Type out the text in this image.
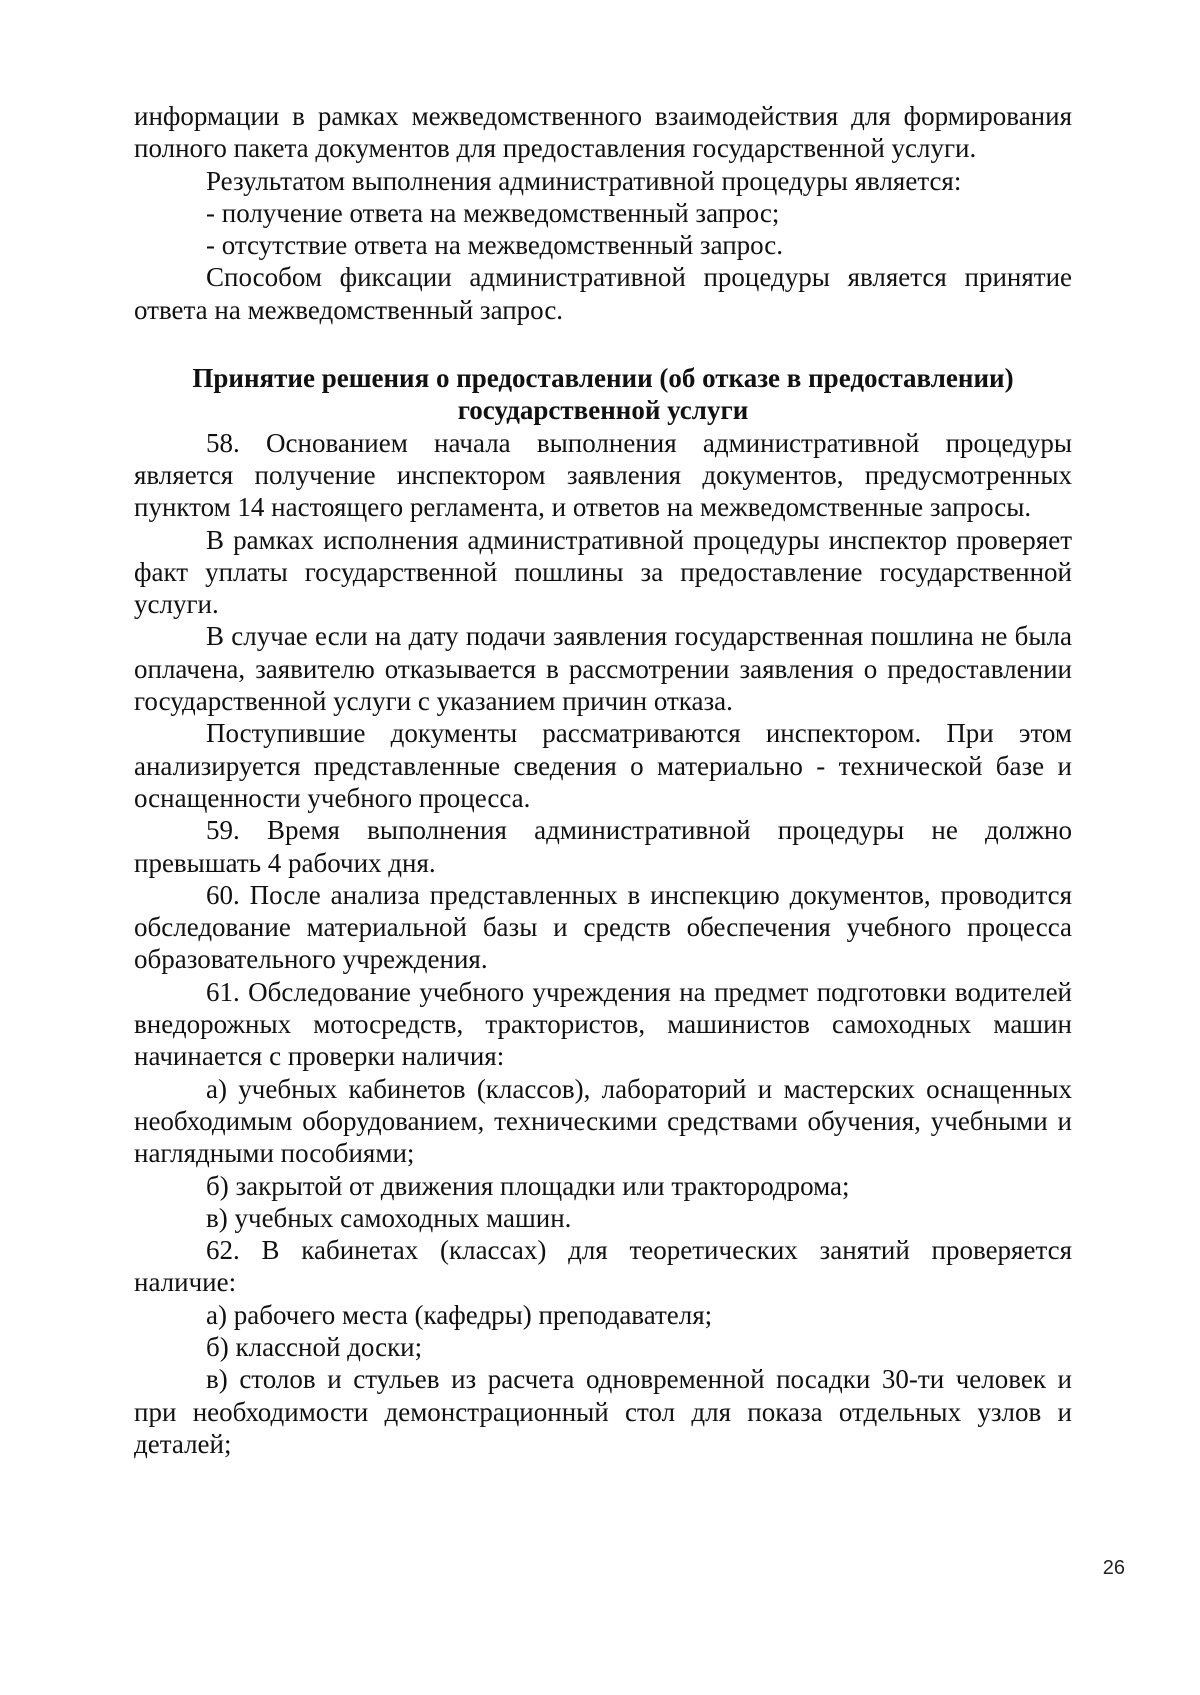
информации в рамках межведомственного взаимодействия для формирования полного пакета документов для предоставления государственной услуги.

Результатом выполнения административной процедуры является:

- получение ответа на межведомственный запрос;

- отсутствие ответа на межведомственный запрос.

Способом фиксации административной процедуры является принятие ответа на межведомственный запрос.

Принятие решения о предоставлении (об отказе в предоставлении)
государственной услуги

58. Основанием начала выполнения административной процедуры является получение инспектором заявления документов, предусмотренных пунктом 14 настоящего регламента, и ответов на межведомственные запросы.

В рамках исполнения административной процедуры инспектор проверяет факт уплаты государственной пошлины за предоставление государственной услуги.

В случае если на дату подачи заявления государственная пошлина не была оплачена, заявителю отказывается в рассмотрении заявления о предоставлении государственной услуги с указанием причин отказа.

Поступившие документы рассматриваются инспектором. При этом анализируется представленные сведения о материально - технической базе и оснащенности учебного процесса.

59. Время выполнения административной процедуры не должно превышать 4 рабочих дня.

60. После анализа представленных в инспекцию документов, проводится обследование материальной базы и средств обеспечения учебного процесса образовательного учреждения.

61. Обследование учебного учреждения на предмет подготовки водителей внедорожных мотосредств, трактористов, машинистов самоходных машин начинается с проверки наличия:

а) учебных кабинетов (классов), лабораторий и мастерских оснащенных необходимым оборудованием, техническими средствами обучения, учебными и наглядными пособиями;

б) закрытой от движения площадки или трактородрома;

в) учебных самоходных машин.

62. В кабинетах (классах) для теоретических занятий проверяется наличие:

а) рабочего места (кафедры) преподавателя;

б) классной доски;

в) столов и стульев из расчета одновременной посадки 30-ти человек и при необходимости демонстрационный стол для показа отдельных узлов и деталей;

26
